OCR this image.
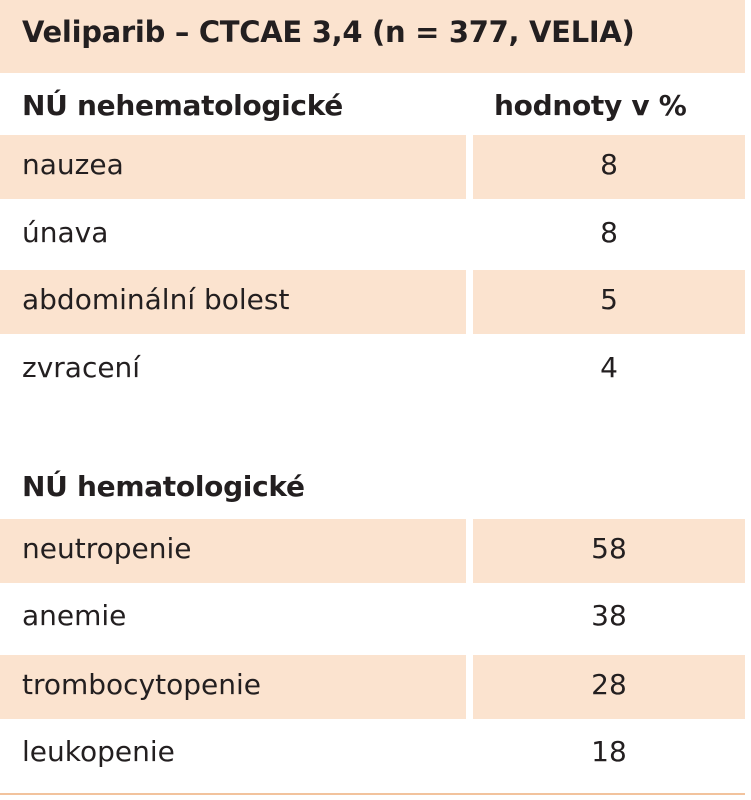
Veliparib – CTCAE 3,4 (n = 377, VELIA)
NÚ nehematologické	hodnoty v %
nauzea	8
únava	8
abdominální bolest	5
zvracení	4
NÚ hematologické
neutropenie	58
anemie	38
trombocytopenie	28
leukopenie	18
